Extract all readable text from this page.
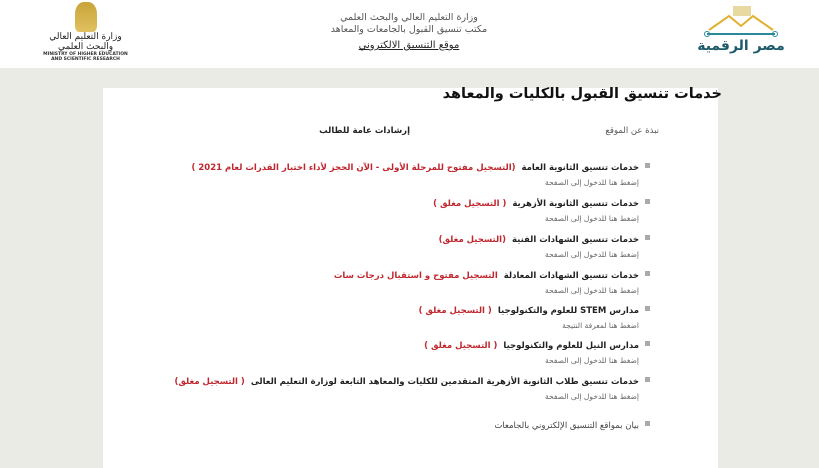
وزارة التعليم العالي والبحث العلمي
MINISTRY OF HIGHER EDUCATION
AND SCIENTIFIC RESEARCH
وزارة التعليم العالي والبحث العلمي
مكتب تنسيق القبول بالجامعات والمعاهد
موقع التنسيق الالكتروني	مصر الرقمية
خدمات تنسيق القبول بالكليات والمعاهد
نبذة عن الموقع
إرشادات عامة للطالب
خدمات تنسيق الثانوية العامة(التسجيل مفتوح للمرحلة الأولى - الآن الحجز لأداء اختبار القدرات لعام 2021 )
إضغط هنا للدخول إلى الصفحة
خدمات تنسيق الثانوية الأزهرية( التسجيل مغلق )
إضغط هنا للدخول إلى الصفحة
خدمات تنسيق الشهادات الفنية(التسجيل مغلق)
إضغط هنا للدخول إلى الصفحة
خدمات تنسيق الشهادات المعادلةالتسجيل مفتوح و استقبال درجات سات
إضغط هنا للدخول إلى الصفحة
مدارس STEM للعلوم والتكنولوجيا( التسجيل مغلق )
اضغط هنا لمعرفة النتيجة
مدارس النيل للعلوم والتكنولوجيا( التسجيل مغلق )
إضغط هنا للدخول إلى الصفحة
خدمات تنسيق طلاب الثانوية الأزهرية المتقدمين للكليات والمعاهد التابعة لوزارة التعليم العالى( التسجيل مغلق)
إضغط هنا للدخول إلى الصفحة
بيان بمواقع التنسيق الإلكتروني بالجامعات
